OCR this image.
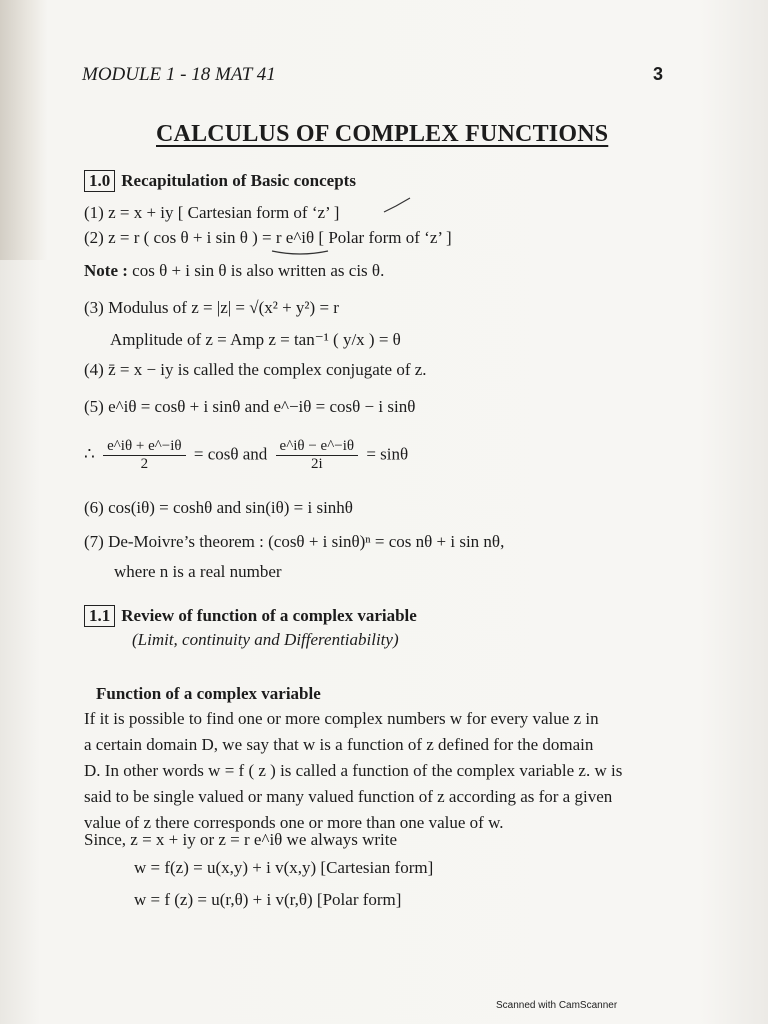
MODULE 1 - 18 MAT 41	3
CALCULUS OF COMPLEX FUNCTIONS
1.0 Recapitulation of Basic concepts
(1) z = x + iy [ Cartesian form of ‘z’ ]
(2) z = r ( cos θ + i sin θ ) = r e^iθ [ Polar form of ‘z’ ]
Note : cos θ + i sin θ is also written as cis θ.
(3) Modulus of z = |z| = √(x² + y²) = r
Amplitude of z = Amp z = tan⁻¹ ( y/x ) = θ
(4) z̄ = x − iy is called the complex conjugate of z.
(5) e^iθ = cosθ + i sinθ and e^−iθ = cosθ − i sinθ
∴ $\frac{e\^{}i\theta + e\^{}-i\theta}{2} = \cos\theta$ and $\frac{e\^{}i\theta - e\^{}-i\theta}{2i} = \sin\theta$
(6) cos(iθ) = coshθ and sin(iθ) = i sinhθ
(7) De-Moivre’s theorem : (cosθ + i sinθ)ⁿ = cos nθ + i sin nθ,
where n is a real number
1.1 Review of function of a complex variable
(Limit, continuity and Differentiability)
Function of a complex variable
If it is possible to find one or more complex numbers w for every value z in
a certain domain D, we say that w is a function of z defined for the domain
D. In other words w = f ( z ) is called a function of the complex variable z. w is
said to be single valued or many valued function of z according as for a given
value of z there corresponds one or more than one value of w.
Since, z = x + iy or z = r e^iθ we always write
w = f(z) = u(x,y) + i v(x,y) [Cartesian form]
w = f (z) = u(r,θ) + i v(r,θ) [Polar form]
Scanned with CamScanner
